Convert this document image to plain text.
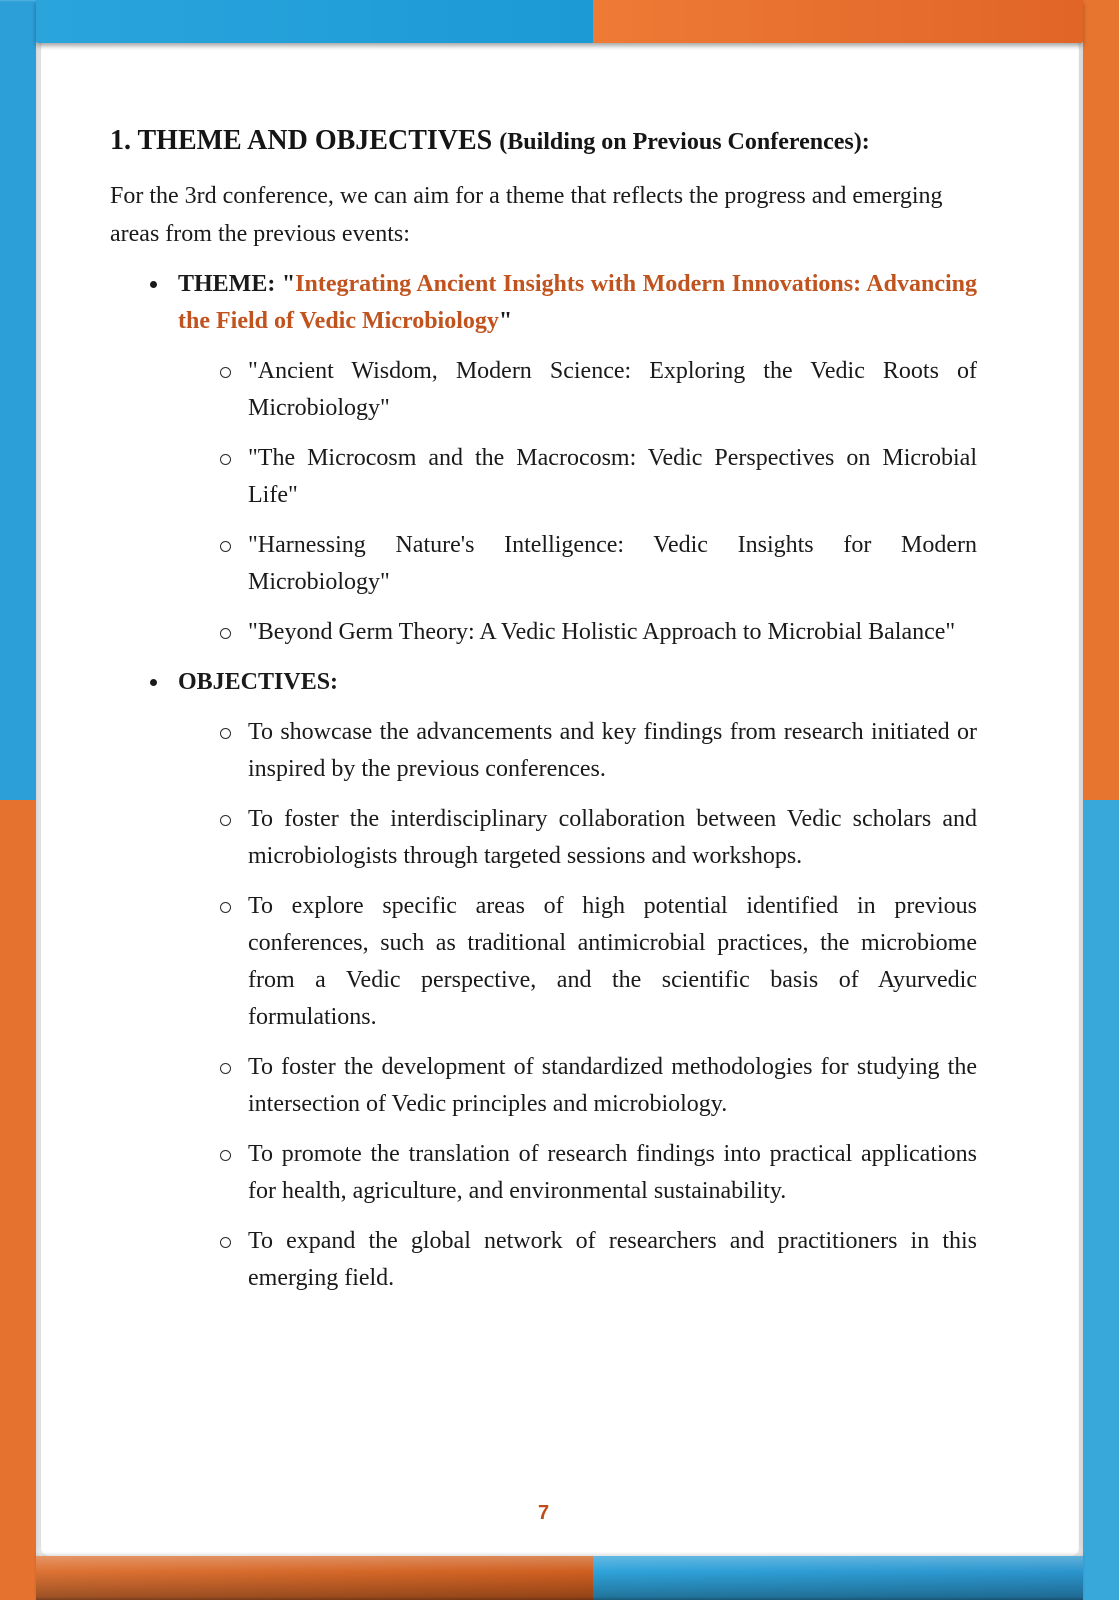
1. THEME AND OBJECTIVES (Building on Previous Conferences):

For the 3rd conference, we can aim for a theme that reflects the progress and emerging areas from the previous events:

THEME: "Integrating Ancient Insights with Modern Innovations: Advancing the Field of Vedic Microbiology"
"Ancient Wisdom, Modern Science: Exploring the Vedic Roots of Microbiology"
"The Microcosm and the Macrocosm: Vedic Perspectives on Microbial Life"
"Harnessing Nature's Intelligence: Vedic Insights for Modern Microbiology"
"Beyond Germ Theory: A Vedic Holistic Approach to Microbial Balance"
OBJECTIVES:
To showcase the advancements and key findings from research initiated or inspired by the previous conferences.
To foster the interdisciplinary collaboration between Vedic scholars and microbiologists through targeted sessions and workshops.
To explore specific areas of high potential identified in previous conferences, such as traditional antimicrobial practices, the microbiome from a Vedic perspective, and the scientific basis of Ayurvedic formulations.
To foster the development of standardized methodologies for studying the intersection of Vedic principles and microbiology.
To promote the translation of research findings into practical applications for health, agriculture, and environmental sustainability.
To expand the global network of researchers and practitioners in this emerging field.
7
